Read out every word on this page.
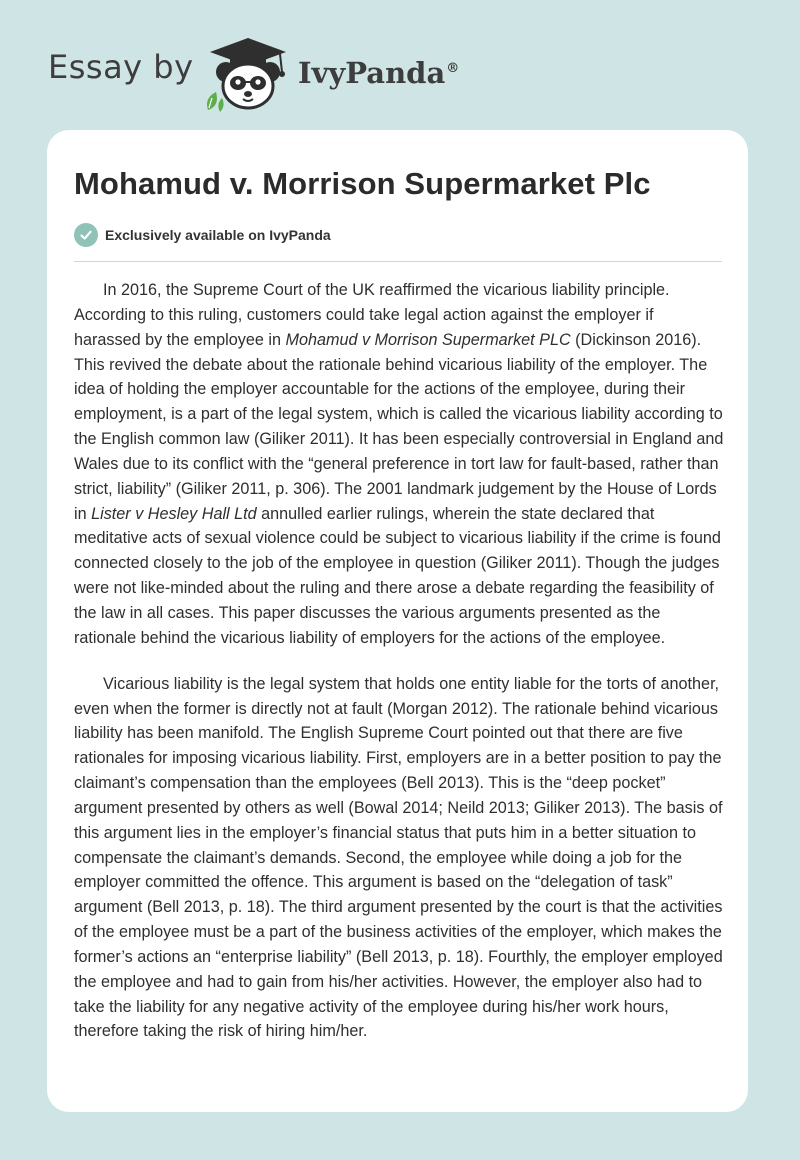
Essay by	IvyPanda®
Mohamud v. Morrison Supermarket Plc
Exclusively available on IvyPanda

In 2016, the Supreme Court of the UK reaffirmed the vicarious liability principle. According to this ruling, customers could take legal action against the employer if harassed by the employee in Mohamud v Morrison Supermarket PLC (Dickinson 2016). This revived the debate about the rationale behind vicarious liability of the employer. The idea of holding the employer accountable for the actions of the employee, during their employment, is a part of the legal system, which is called the vicarious liability according to the English common law (Giliker 2011). It has been especially controversial in England and Wales due to its conflict with the “general preference in tort law for fault-based, rather than strict, liability” (Giliker 2011, p. 306). The 2001 landmark judgement by the House of Lords in Lister v Hesley Hall Ltd annulled earlier rulings, wherein the state declared that meditative acts of sexual violence could be subject to vicarious liability if the crime is found connected closely to the job of the employee in question (Giliker 2011). Though the judges were not like-minded about the ruling and there arose a debate regarding the feasibility of the law in all cases. This paper discusses the various arguments presented as the rationale behind the vicarious liability of employers for the actions of the employee.

Vicarious liability is the legal system that holds one entity liable for the torts of another, even when the former is directly not at fault (Morgan 2012). The rationale behind vicarious liability has been manifold. The English Supreme Court pointed out that there are five rationales for imposing vicarious liability. First, employers are in a better position to pay the claimant’s compensation than the employees (Bell 2013). This is the “deep pocket” argument presented by others as well (Bowal 2014; Neild 2013; Giliker 2013). The basis of this argument lies in the employer’s financial status that puts him in a better situation to compensate the claimant’s demands. Second, the employee while doing a job for the employer committed the offence. This argument is based on the “delegation of task” argument (Bell 2013, p. 18). The third argument presented by the court is that the activities of the employee must be a part of the business activities of the employer, which makes the former’s actions an “enterprise liability” (Bell 2013, p. 18). Fourthly, the employer employed the employee and had to gain from his/her activities. However, the employer also had to take the liability for any negative activity of the employee during his/her work hours, therefore taking the risk of hiring him/her.
